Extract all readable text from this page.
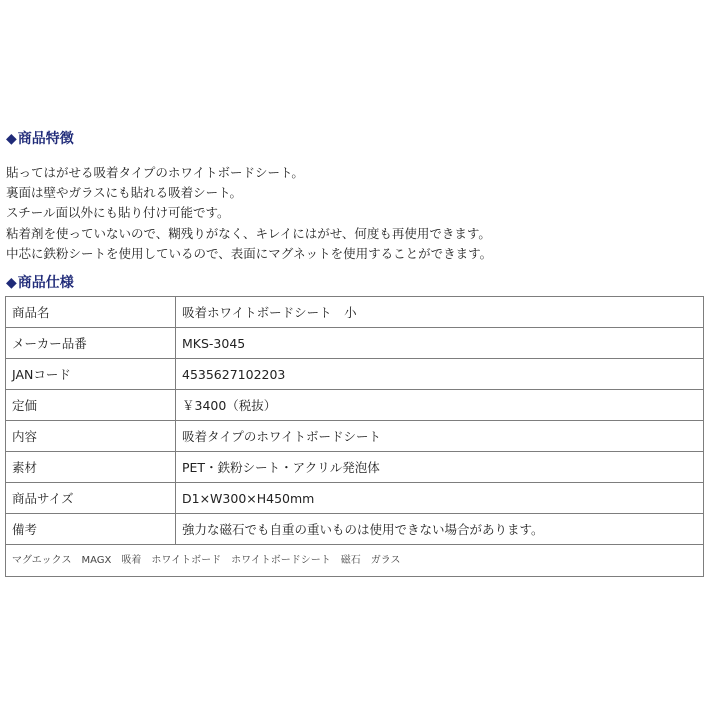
◆商品特徴
貼ってはがせる吸着タイプのホワイトボードシート。
裏面は壁やガラスにも貼れる吸着シート。
スチール面以外にも貼り付け可能です。
粘着剤を使っていないので、糊残りがなく、キレイにはがせ、何度も再使用できます。
中芯に鉄粉シートを使用しているので、表面にマグネットを使用することができます。
◆商品仕様
商品名	吸着ホワイトボードシート　小
メーカー品番	MKS-3045
JANコード	4535627102203
定価	￥3400（税抜）
内容	吸着タイプのホワイトボードシート
素材	PET・鉄粉シート・アクリル発泡体
商品サイズ	D1×W300×H450mm
備考	強力な磁石でも自重の重いものは使用できない場合があります。
マグエックス　MAGX　吸着　ホワイトボード　ホワイトボードシート　磁石　ガラス	
